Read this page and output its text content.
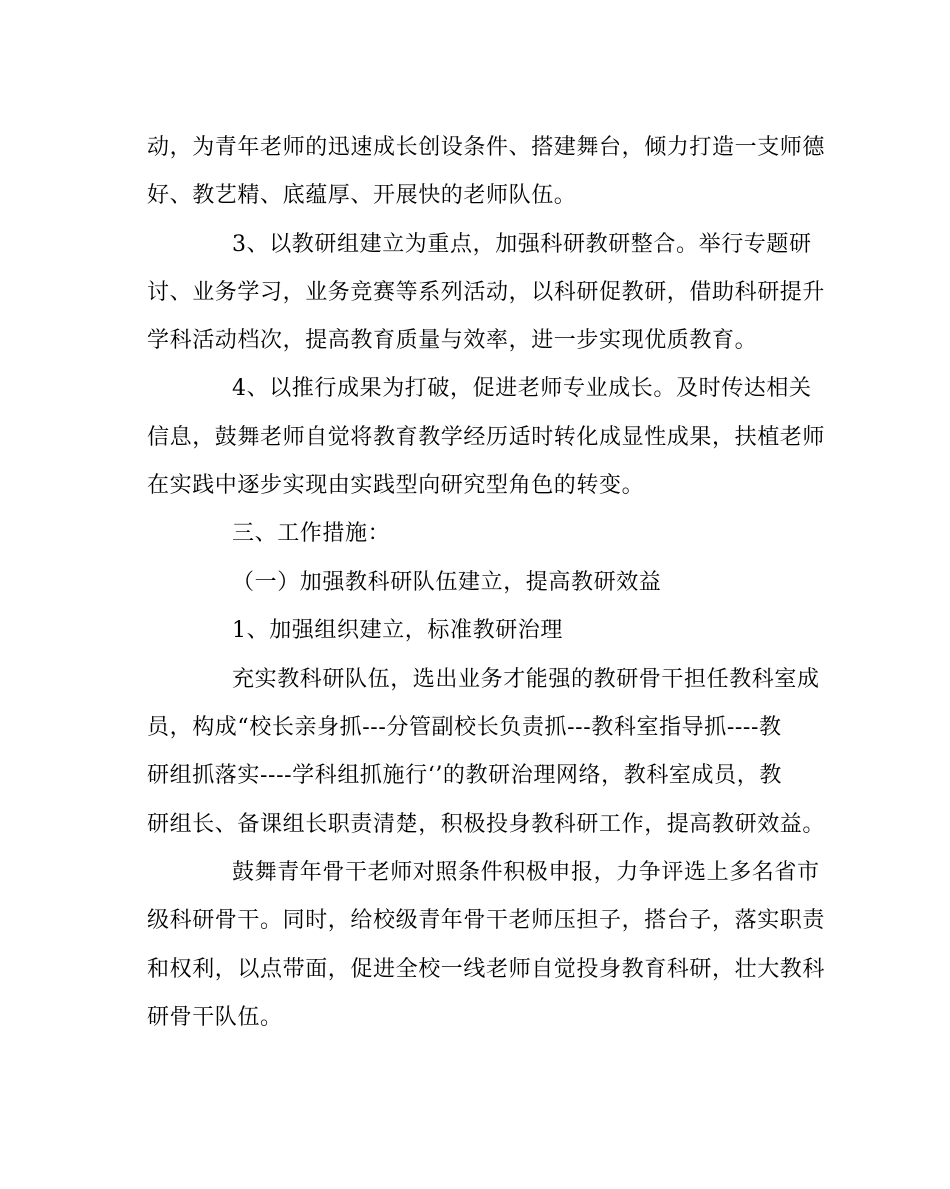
动，为青年老师的迅速成长创设条件、搭建舞台，倾力打造一支师德
好、教艺精、底蕴厚、开展快的老师队伍。
3、以教研组建立为重点，加强科研教研整合。举行专题研
讨、业务学习，业务竞赛等系列活动，以科研促教研，借助科研提升
学科活动档次，提高教育质量与效率，进一步实现优质教育。
4、以推行成果为打破，促进老师专业成长。及时传达相关
信息，鼓舞老师自觉将教育教学经历适时转化成显性成果，扶植老师
在实践中逐步实现由实践型向研究型角色的转变。
三、工作措施：
（一）加强教科研队伍建立，提高教研效益
1、加强组织建立，标准教研治理
充实教科研队伍，选出业务才能强的教研骨干担任教科室成
员，构成“校长亲身抓---分管副校长负责抓---教科室指导抓----教
研组抓落实----学科组抓施行‘’的教研治理网络，教科室成员，教
研组长、备课组长职责清楚，积极投身教科研工作，提高教研效益。
鼓舞青年骨干老师对照条件积极申报，力争评选上多名省市
级科研骨干。同时，给校级青年骨干老师压担子，搭台子，落实职责
和权利，以点带面，促进全校一线老师自觉投身教育科研，壮大教科
研骨干队伍。
